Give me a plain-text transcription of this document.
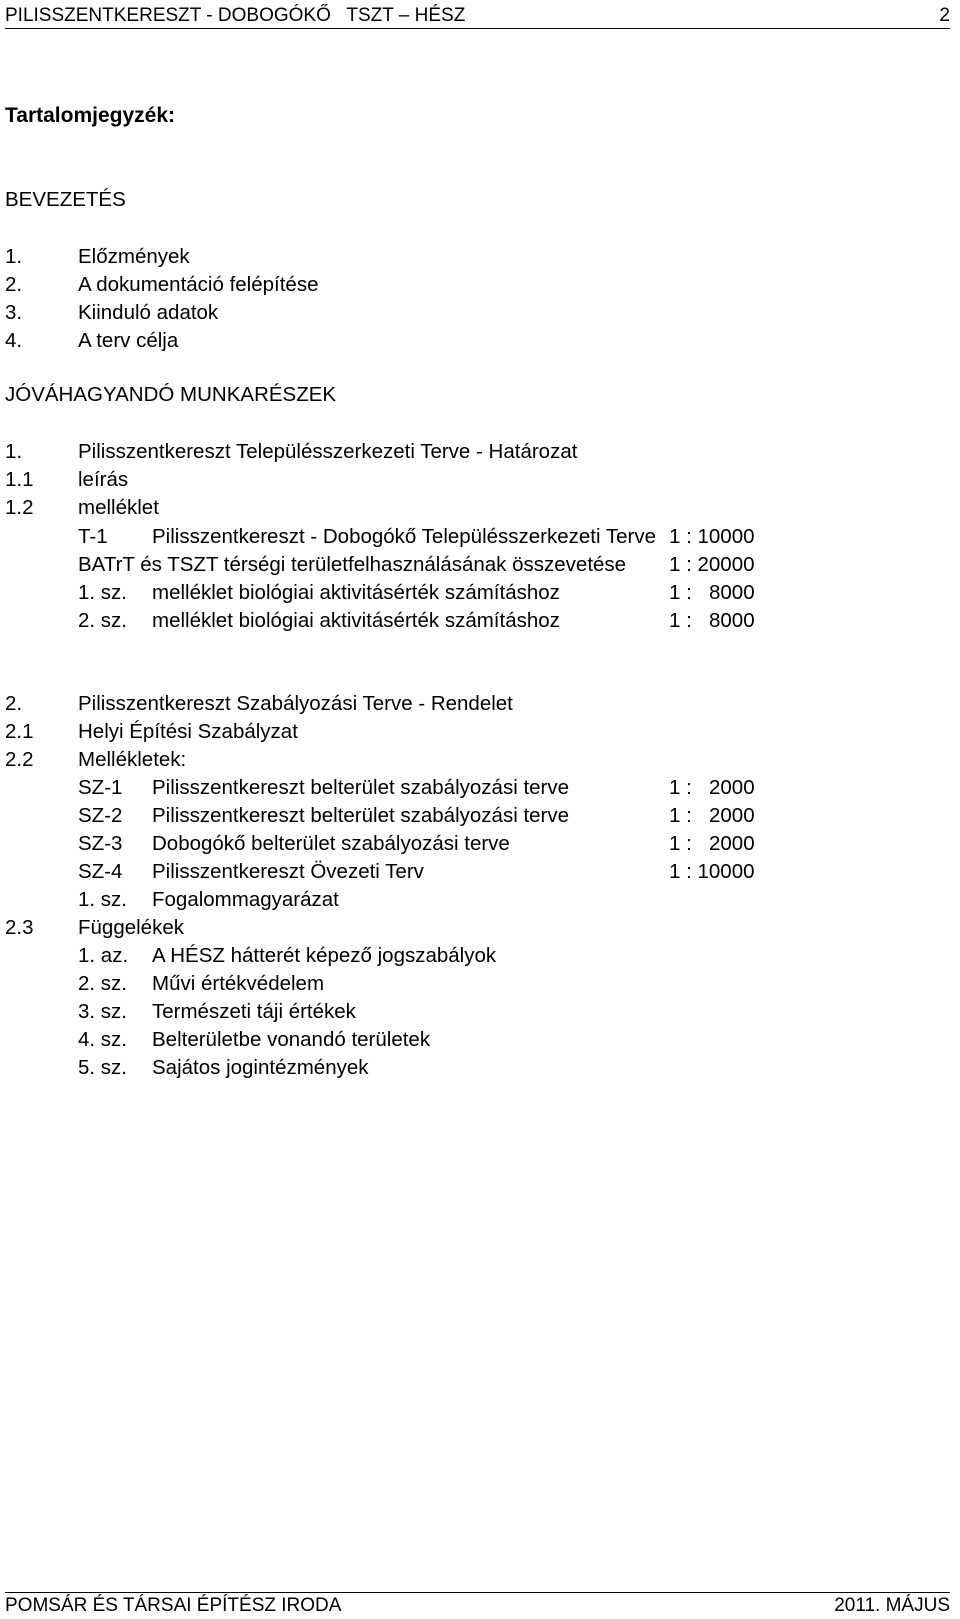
PILISSZENTKERESZT - DOBOGÓKŐ   TSZT – HÉSZ	2
Tartalomjegyzék:
BEVEZETÉS
1.	Előzmények
2.	A dokumentáció felépítése
3.	Kiinduló adatok
4.	A terv célja
JÓVÁHAGYANDÓ MUNKARÉSZEK
1.	Pilisszentkereszt Településszerkezeti Terve - Határozat
1.1 leírás
1.2 melléklet
T-1 Pilisszentkereszt - Dobogókő Településszerkezeti Terve 1 : 10000
BATrT és TSZT térségi területfelhasználásának összevetése 1 : 20000
1. sz. melléklet biológiai aktivitásérték számításhoz	1 : 8000
2. sz. melléklet biológiai aktivitásérték számításhoz	1 : 8000
2.	Pilisszentkereszt Szabályozási Terve - Rendelet
2.1 Helyi Építési Szabályzat
2.2 Mellékletek:
SZ-1 Pilisszentkereszt belterület szabályozási terve	1 : 2000
SZ-2 Pilisszentkereszt belterület szabályozási terve	1 : 2000
SZ-3 Dobogókő belterület szabályozási terve	1 : 2000
SZ-4 Pilisszentkereszt Övezeti Terv	1 : 10000
1. sz. Fogalommagyarázat
2.3 Függelékek
1. az. A HÉSZ hátterét képező jogszabályok
2. sz. Művi értékvédelem
3. sz. Természeti táji értékek
4. sz. Belterületbe vonandó területek
5. sz. Sajátos jogintézmények
POMSÁR ÉS TÁRSAI ÉPÍTÉSZ IRODA	2011. MÁJUS
